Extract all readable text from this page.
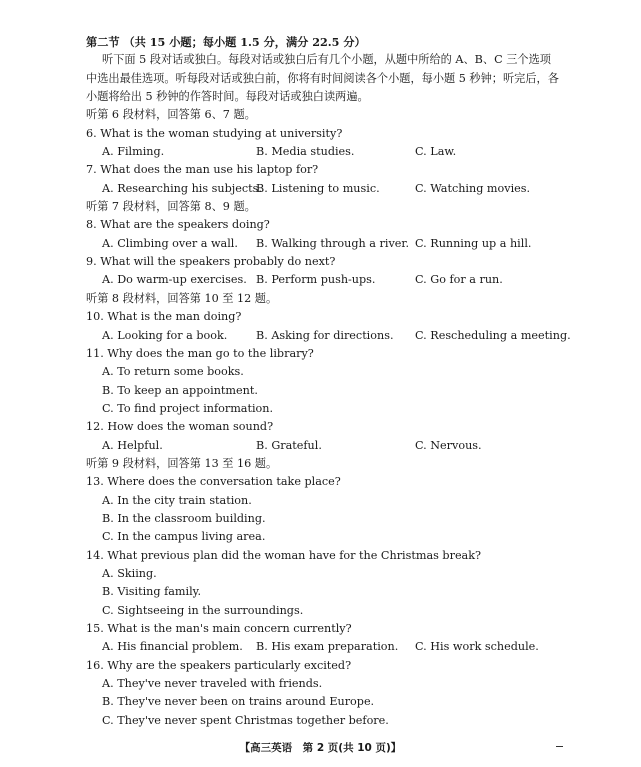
第二节 （共 15 小题；每小题 1.5 分，满分 22.5 分）
听下面 5 段对话或独白。每段对话或独白后有几个小题，从题中所给的 A、B、C 三个选项
中选出最佳选项。听每段对话或独白前，你将有时间阅读各个小题，每小题 5 秒钟；听完后，各
小题将给出 5 秒钟的作答时间。每段对话或独白读两遍。
听第 6 段材料，回答第 6、7 题。
6. What is the woman studying at university?
A. Filming.	B. Media studies.	C. Law.
7. What does the man use his laptop for?
A. Researching his subjects.
B. Listening to music.	C. Watching movies.
听第 7 段材料，回答第 8、9 题。
8. What are the speakers doing?
A. Climbing over a wall. B. Walking through a river. C. Running up a hill.
9. What will the speakers probably do next?
A. Do warm-up exercises. B. Perform push-ups.	C. Go for a run.
听第 8 段材料，回答第 10 至 12 题。
10. What is the man doing?
A. Looking for a book.	B. Asking for directions. C. Rescheduling a meeting.
11. Why does the man go to the library?
A. To return some books.
B. To keep an appointment.
C. To find project information.
12. How does the woman sound?
A. Helpful.	B. Grateful.	C. Nervous.
听第 9 段材料，回答第 13 至 16 题。
13. Where does the conversation take place?
A. In the city train station.
B. In the classroom building.
C. In the campus living area.
14. What previous plan did the woman have for the Christmas break?
A. Skiing.
B. Visiting family.
C. Sightseeing in the surroundings.
15. What is the man's main concern currently?
A. His financial problem. B. His exam preparation. C. His work schedule.
16. Why are the speakers particularly excited?
A. They've never traveled with friends.
B. They've never been on trains around Europe.
C. They've never spent Christmas together before.
【高三英语　第 2 页(共 10 页)】
